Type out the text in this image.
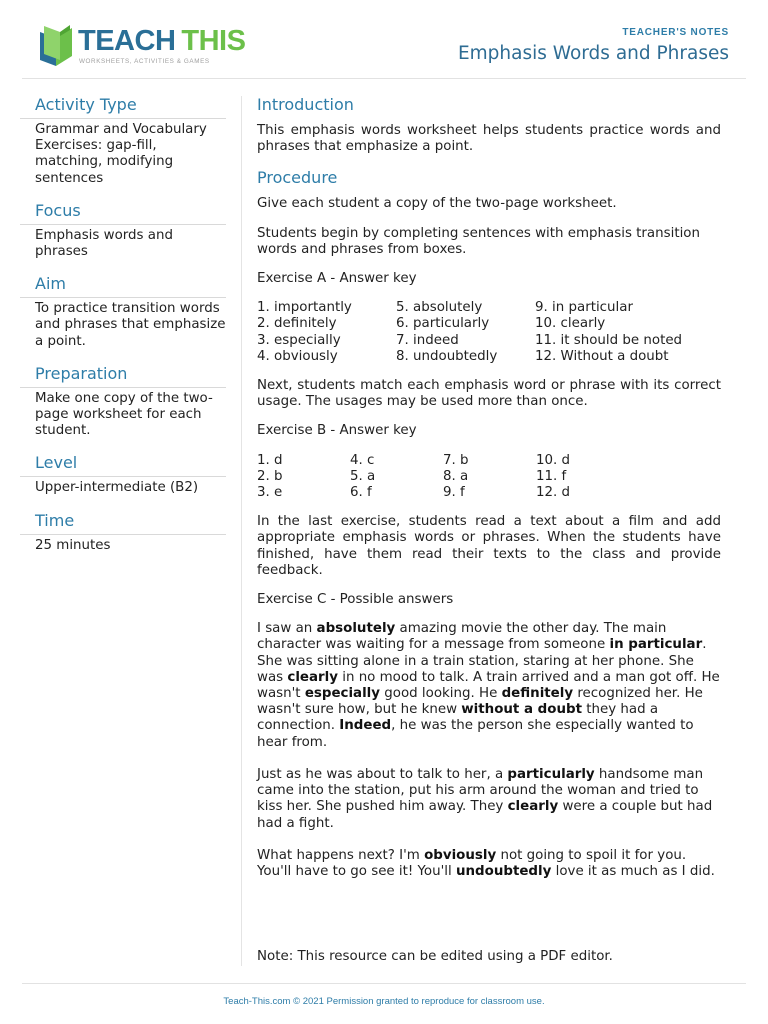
TEACH THIS
WORKSHEETS, ACTIVITIES & GAMES
TEACHER'S NOTES
Emphasis Words and Phrases
Activity Type
Grammar and Vocabulary Exercises: gap-fill, matching, modifying sentences
Focus
Emphasis words and phrases
Aim
To practice transition words and phrases that emphasize a point.
Preparation
Make one copy of the two-page worksheet for each student.
Level
Upper-intermediate (B2)
Time
25 minutes
Introduction

This emphasis words worksheet helps students practice words and phrases that emphasize a point.

Procedure

Give each student a copy of the two-page worksheet.

Students begin by completing sentences with emphasis transition words and phrases from boxes.

Exercise A - Answer key

1. importantly	5. absolutely	9. in particular
2. definitely	6. particularly	10. clearly
3. especially	7. indeed	11. it should be noted
4. obviously	8. undoubtedly	12. Without a doubt

Next, students match each emphasis word or phrase with its correct usage. The usages may be used more than once.

Exercise B - Answer key

1. d	4. c	7. b	10. d
2. b	5. a	8. a	11. f
3. e	6. f	9. f	12. d

In the last exercise, students read a text about a film and add appropriate emphasis words or phrases. When the students have finished, have them read their texts to the class and provide feedback.

Exercise C - Possible answers

I saw an absolutely amazing movie the other day. The main character was waiting for a message from someone in particular. She was sitting alone in a train station, staring at her phone. She was clearly in no mood to talk. A train arrived and a man got off. He wasn't especially good looking. He definitely recognized her. He wasn't sure how, but he knew without a doubt they had a connection. Indeed, he was the person she especially wanted to hear from.

Just as he was about to talk to her, a particularly handsome man came into the station, put his arm around the woman and tried to kiss her. She pushed him away. They clearly were a couple but had had a fight.

What happens next? I'm obviously not going to spoil it for you. You'll have to go see it! You'll undoubtedly love it as much as I did.

Note: This resource can be edited using a PDF editor.
Teach-This.com © 2021 Permission granted to reproduce for classroom use.
